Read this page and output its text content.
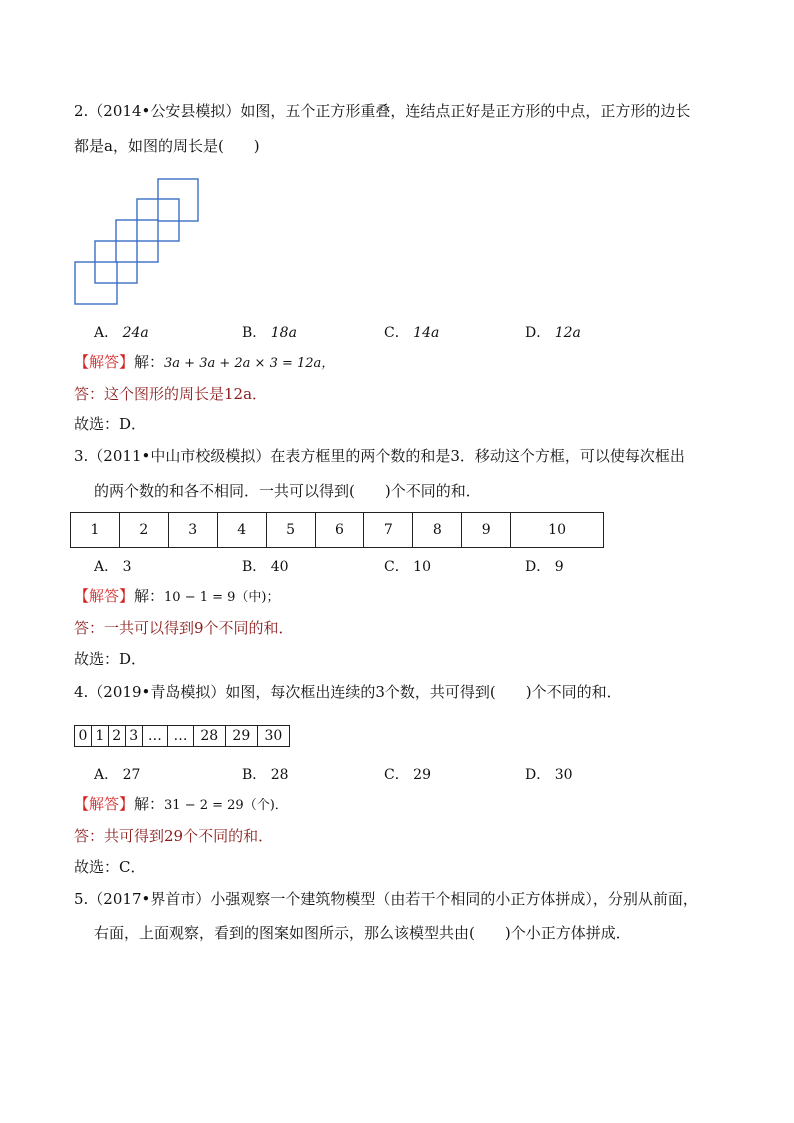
2.（2014•公安县模拟）如图，五个正方形重叠，连结点正好是正方形的中点，正方形的边长
都是a，如图的周长是(　　)
A． 24a	B． 18a	C． 14a	D． 12a
【解答】解：3a + 3a + 2a × 3 = 12a，
答：这个图形的周长是12a．
故选：D．
3.（2011•中山市校级模拟）在表方框里的两个数的和是3．移动这个方框，可以使每次框出
的两个数的和各不相同．一共可以得到(　　)个不同的和．
1	2	3	4	5	6	7	8	9	10
A． 3	B． 40	C． 10	D． 9
【解答】解：10 − 1 = 9（中)；
答：一共可以得到9个不同的和．
故选：D．
4.（2019•青岛模拟）如图，每次框出连续的3个数，共可得到(　　)个不同的和．
0	1	2	3	…	…	28	29	30
A． 27	B． 28	C． 29	D． 30
【解答】解：31 − 2 = 29（个)．
答：共可得到29个不同的和．
故选：C．
5.（2017•界首市）小强观察一个建筑物模型（由若干个相同的小正方体拼成），分别从前面，
右面，上面观察，看到的图案如图所示，那么该模型共由(　　)个小正方体拼成．
